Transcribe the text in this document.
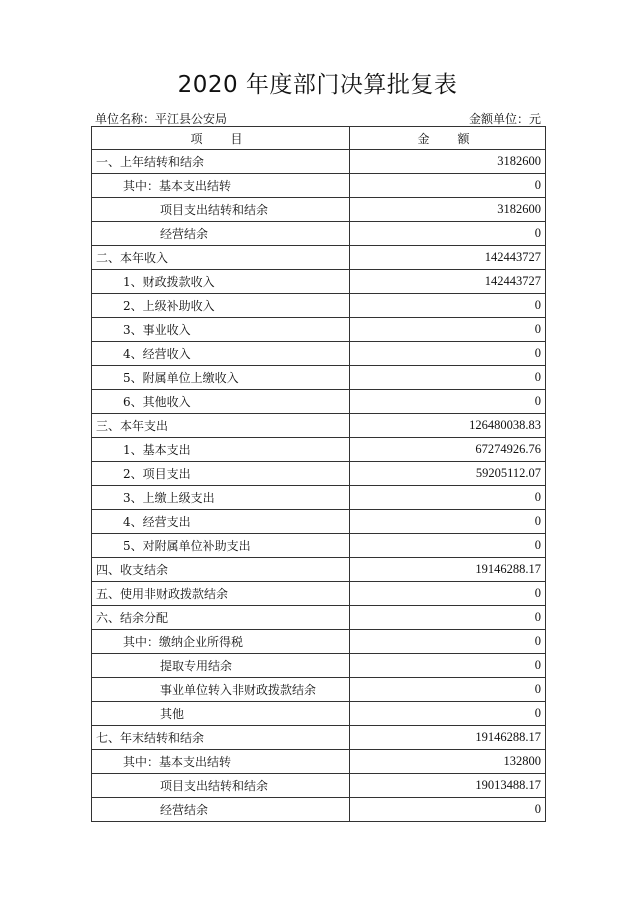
2020 年度部门决算批复表
单位名称：平江县公安局	金额单位：元
项　目	金　额
一、上年结转和结余	3182600
其中：基本支出结转	0
项目支出结转和结余	3182600
经营结余	0
二、本年收入	142443727
1、财政拨款收入	142443727
2、上级补助收入	0
3、事业收入	0
4、经营收入	0
5、附属单位上缴收入	0
6、其他收入	0
三、本年支出	126480038.83
1、基本支出	67274926.76
2、项目支出	59205112.07
3、上缴上级支出	0
4、经营支出	0
5、对附属单位补助支出	0
四、收支结余	19146288.17
五、使用非财政拨款结余	0
六、结余分配	0
其中：缴纳企业所得税	0
提取专用结余	0
事业单位转入非财政拨款结余	0
其他	0
七、年末结转和结余	19146288.17
其中：基本支出结转	132800
项目支出结转和结余	19013488.17
经营结余	0
